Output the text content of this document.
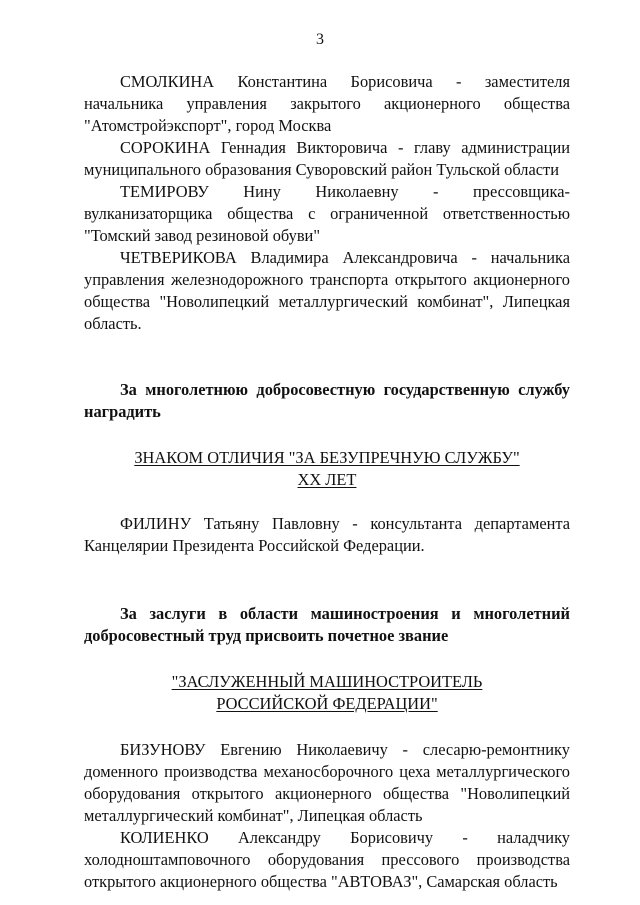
3

СМОЛКИНА Константина Борисовича - заместителя начальника управления закрытого акционерного общества "Атомстройэкспорт", город Москва

СОРОКИНА Геннадия Викторовича - главу администрации муниципального образования Суворовский район Тульской области

ТЕМИРОВУ Нину Николаевну - прессовщика-вулканизаторщика общества с ограниченной ответственностью "Томский завод резиновой обуви"

ЧЕТВЕРИКОВА Владимира Александровича - начальника управления железнодорожного транспорта открытого акционерного общества "Новолипецкий металлургический комбинат", Липецкая область.

За многолетнюю добросовестную государственную службу наградить

ЗНАКОМ ОТЛИЧИЯ "ЗА БЕЗУПРЕЧНУЮ СЛУЖБУ"

XX ЛЕТ

ФИЛИНУ Татьяну Павловну - консультанта департамента Канцелярии Президента Российской Федерации.

За заслуги в области машиностроения и многолетний добросовестный труд присвоить почетное звание

"ЗАСЛУЖЕННЫЙ МАШИНОСТРОИТЕЛЬ

РОССИЙСКОЙ ФЕДЕРАЦИИ"

БИЗУНОВУ Евгению Николаевичу - слесарю-ремонтнику доменного производства механосборочного цеха металлургического оборудования открытого акционерного общества "Новолипецкий металлургический комбинат", Липецкая область

КОЛИЕНКО Александру Борисовичу - наладчику холодноштамповочного оборудования прессового производства открытого акционерного общества "АВТОВАЗ", Самарская область
